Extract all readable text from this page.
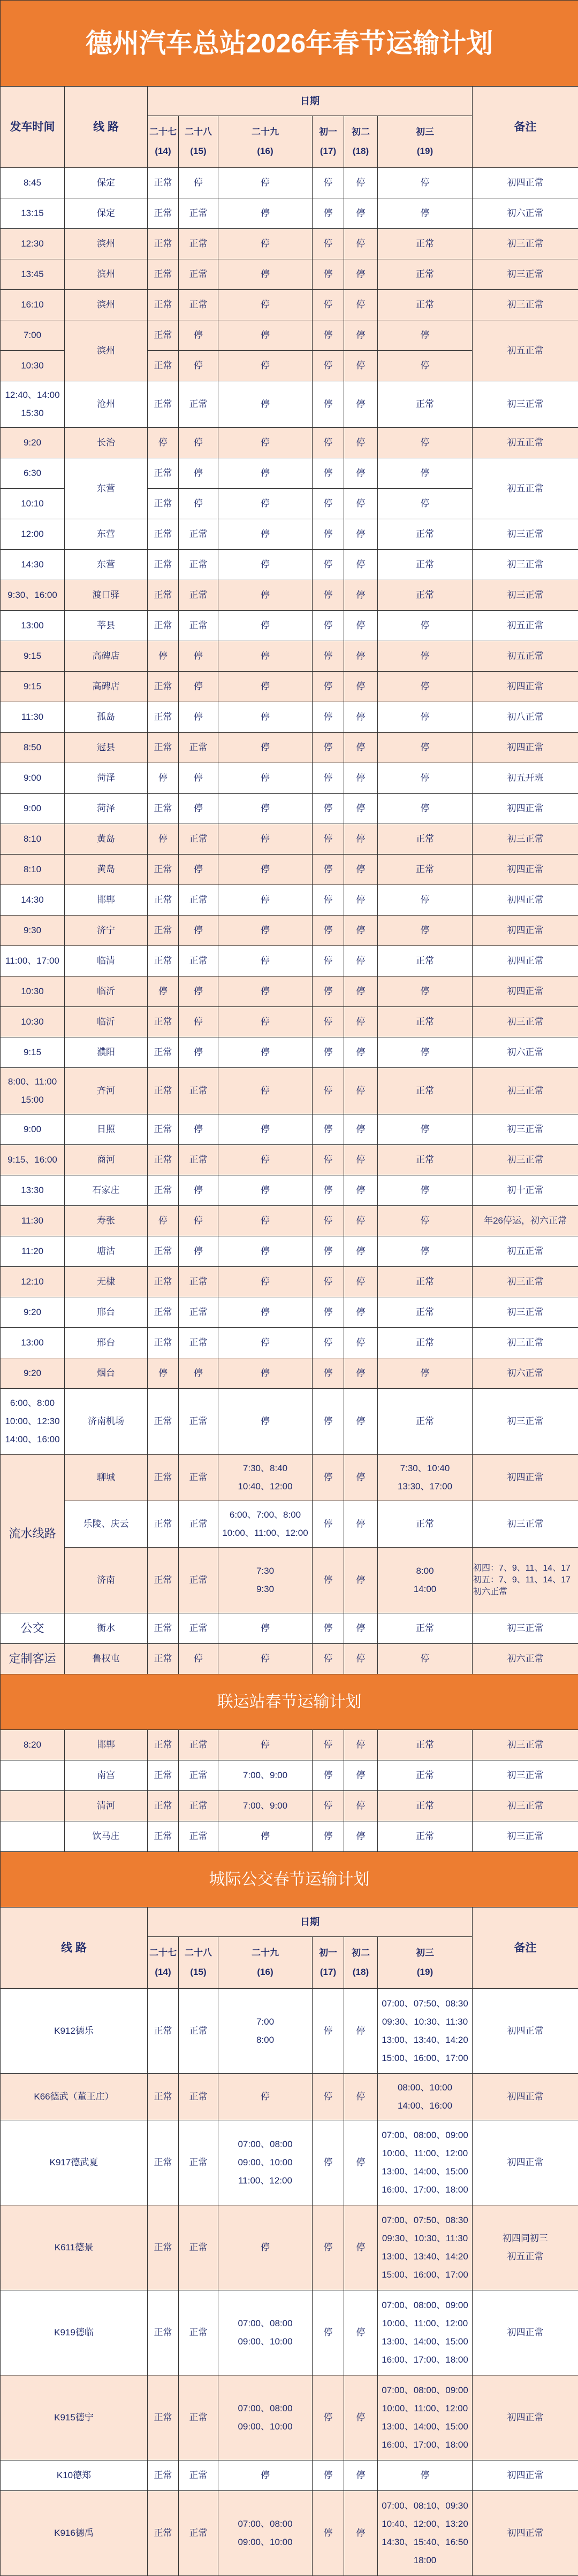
德州汽车总站2026年春节运输计划								

发车时间	线 路	日期						备注

二十七
(14)	二十八
(15)	二十九
(16)	初一
(17)	初二
(18)	初三
(19)	

8:45	保定	正常	停	停	停	停	停	初四正常

13:15	保定	正常	正常	停	停	停	停	初六正常

12:30	滨州	正常	正常	停	停	停	正常	初三正常

13:45	滨州	正常	正常	停	停	停	正常	初三正常

16:10	滨州	正常	正常	停	停	停	正常	初三正常

7:00	滨州	正常	停	停	停	停	停	初五正常

10:30		正常	停	停	停	停	停	

12:40、14:00
15:30	沧州	正常	正常	停	停	停	正常	初三正常

9:20	长治	停	停	停	停	停	停	初五正常

6:30	东营	正常	停	停	停	停	停	初五正常

10:10		正常	停	停	停	停	停	

12:00	东营	正常	正常	停	停	停	正常	初三正常

14:30	东营	正常	正常	停	停	停	正常	初三正常

9:30、16:00	渡口驿	正常	正常	停	停	停	正常	初三正常

13:00	莘县	正常	正常	停	停	停	停	初五正常

9:15	高碑店	停	停	停	停	停	停	初五正常

9:15	高碑店	正常	停	停	停	停	停	初四正常

11:30	孤岛	正常	停	停	停	停	停	初八正常

8:50	冠县	正常	正常	停	停	停	停	初四正常

9:00	菏泽	停	停	停	停	停	停	初五开班

9:00	菏泽	正常	停	停	停	停	停	初四正常

8:10	黄岛	停	正常	停	停	停	正常	初三正常

8:10	黄岛	正常	停	停	停	停	正常	初四正常

14:30	邯郸	正常	正常	停	停	停	停	初四正常

9:30	济宁	正常	停	停	停	停	停	初四正常

11:00、17:00	临清	正常	正常	停	停	停	正常	初四正常

10:30	临沂	停	停	停	停	停	停	初四正常

10:30	临沂	正常	停	停	停	停	正常	初三正常

9:15	濮阳	正常	停	停	停	停	停	初六正常

8:00、11:00
15:00	齐河	正常	正常	停	停	停	正常	初三正常

9:00	日照	正常	停	停	停	停	停	初三正常

9:15、16:00	商河	正常	正常	停	停	停	正常	初三正常

13:30	石家庄	正常	停	停	停	停	停	初十正常

11:30	寿张	停	停	停	停	停	停	年26停运，初六正常

11:20	塘沽	正常	停	停	停	停	停	初五正常

12:10	无棣	正常	正常	停	停	停	正常	初三正常

9:20	邢台	正常	正常	停	停	停	正常	初三正常

13:00	邢台	正常	正常	停	停	停	正常	初三正常

9:20	烟台	停	停	停	停	停	停	初六正常

6:00、8:00
10:00、12:30
14:00、16:00	济南机场	正常	正常	停	停	停	正常	初三正常

流水线路	聊城	正常	正常	7:30、8:40
10:40、12:00	停	停	7:30、10:40
13:30、17:00	初四正常

乐陵、庆云	正常	正常	6:00、7:00、8:00
10:00、11:00、12:00	停	停	正常	初三正常

济南	正常	正常	7:30
9:30	停	停	8:00
14:00	初四：7、9、11、14、17
初五：7、9、11、14、17
初六正常

公交	衡水	正常	正常	停	停	停	正常	初三正常

定制客运	鲁权屯	正常	停	停	停	停	停	初六正常

联运站春节运输计划								

8:20	邯郸	正常	正常	停	停	停	正常	初三正常

南宫	正常	正常	7:00、9:00	停	停	正常	初三正常

清河	正常	正常	7:00、9:00	停	停	正常	初三正常

饮马庄	正常	正常	停	停	停	正常	初三正常

城际公交春节运输计划								

线 路		日期						备注

二十七
(14)	二十八
(15)	二十九
(16)	初一
(17)	初二
(18)	初三
(19)	

K912德乐		正常	正常	7:00
8:00	停	停	07:00、07:50、08:30
09:30、10:30、11:30
13:00、13:40、14:20
15:00、16:00、17:00	初四正常

K66德武（董王庄）		正常	正常	停	停	停	08:00、10:00
14:00、16:00	初四正常

K917德武夏		正常	正常	07:00、08:00
09:00、10:00
11:00、12:00	停	停	07:00、08:00、09:00
10:00、11:00、12:00
13:00、14:00、15:00
16:00、17:00、18:00	初四正常

K611德景		正常	正常	停	停	停	07:00、07:50、08:30
09:30、10:30、11:30
13:00、13:40、14:20
15:00、16:00、17:00	初四同初三
初五正常

K919德临		正常	正常	07:00、08:00
09:00、10:00	停	停	07:00、08:00、09:00
10:00、11:00、12:00
13:00、14:00、15:00
16:00、17:00、18:00	初四正常

K915德宁		正常	正常	07:00、08:00
09:00、10:00	停	停	07:00、08:00、09:00
10:00、11:00、12:00
13:00、14:00、15:00
16:00、17:00、18:00	初四正常

K10德郑		正常	正常	停	停	停	停	初四正常

K916德禹		正常	正常	07:00、08:00
09:00、10:00	停	停	07:00、08:10、09:30
10:40、12:00、13:20
14:30、15:40、16:50
18:00	初四正常
